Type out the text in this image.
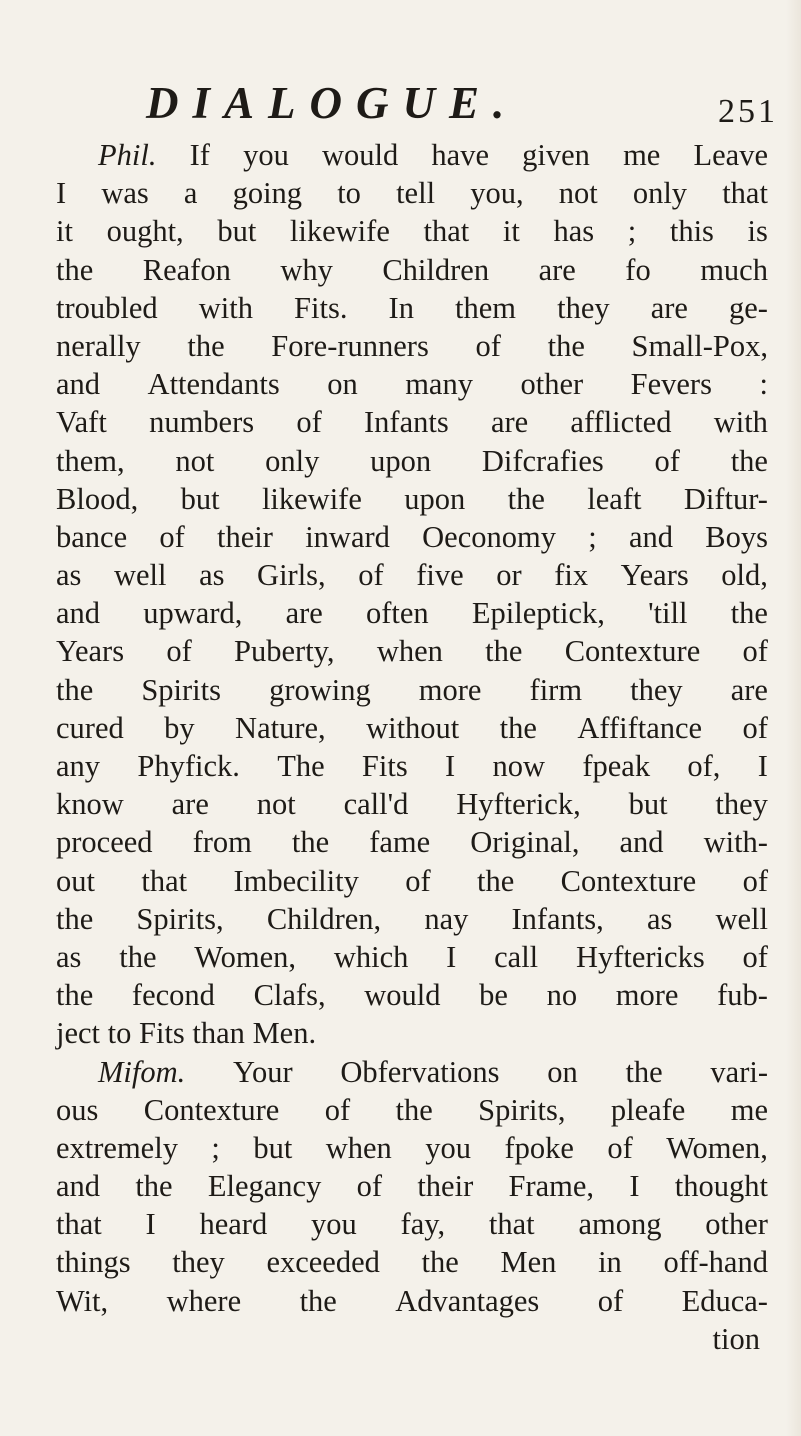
DIALOGUE.	251
Phil. If you would have given me Leave
I was a going to tell you, not only that
it ought, but likewife that it has ; this is
the Reafon why Children are fo much
troubled with Fits. In them they are ge-
nerally the Fore-runners of the Small-Pox,
and Attendants on many other Fevers :
Vaft numbers of Infants are afflicted with
them, not only upon Difcrafies of the
Blood, but likewife upon the leaft Diftur-
bance of their inward Oeconomy ; and Boys
as well as Girls, of five or fix Years old,
and upward, are often Epileptick, 'till the
Years of Puberty, when the Contexture of
the Spirits growing more firm they are
cured by Nature, without the Affiftance of
any Phyfick. The Fits I now fpeak of, I
know are not call'd Hyfterick, but they
proceed from the fame Original, and with-
out that Imbecility of the Contexture of
the Spirits, Children, nay Infants, as well
as the Women, which I call Hyftericks of
the fecond Clafs, would be no more fub-
ject
to
Fits
than
Men.
Mifom. Your Obfervations on the vari-
ous Contexture of the Spirits, pleafe me
extremely ; but when you fpoke of Women,
and the Elegancy of their Frame, I thought
that I heard you fay, that among other
things they exceeded the Men in off-hand
Wit, where the Advantages of Educa-
tion
